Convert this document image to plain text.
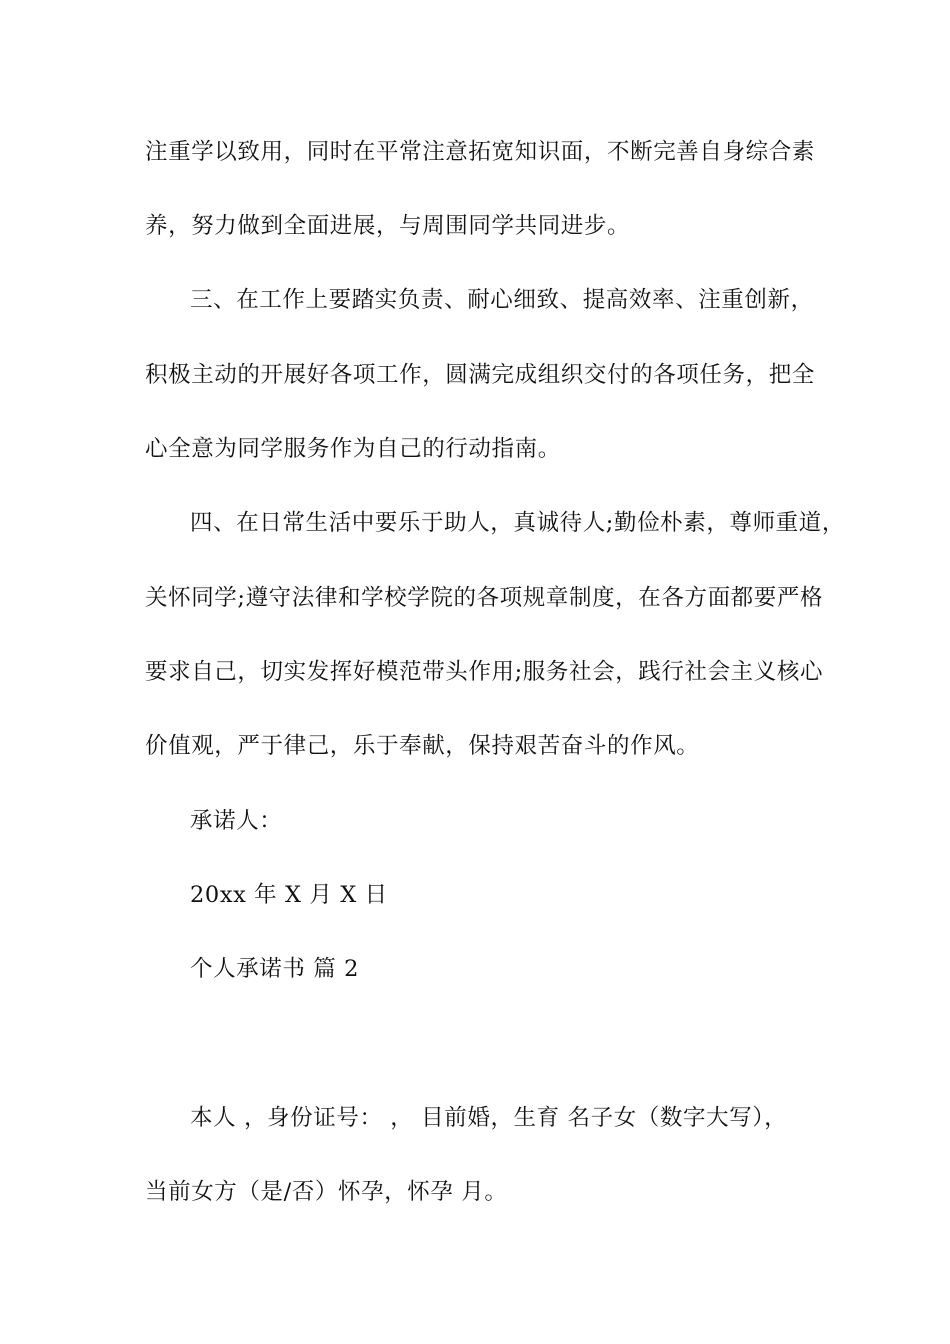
注重学以致用，同时在平常注意拓宽知识面，不断完善自身综合素
养，努力做到全面进展，与周围同学共同进步。
三、在工作上要踏实负责、耐心细致、提高效率、注重创新，
积极主动的开展好各项工作，圆满完成组织交付的各项任务，把全
心全意为同学服务作为自己的行动指南。
四、在日常生活中要乐于助人，真诚待人;勤俭朴素，尊师重道，
关怀同学;遵守法律和学校学院的各项规章制度，在各方面都要严格
要求自己，切实发挥好模范带头作用;服务社会，践行社会主义核心
价值观，严于律己，乐于奉献，保持艰苦奋斗的作风。
承诺人：
20xx 年 X 月 X 日
个人承诺书 篇 2
本人 ，身份证号： ， 目前婚，生育 名子女（数字大写），
当前女方（是/否）怀孕，怀孕 月。
